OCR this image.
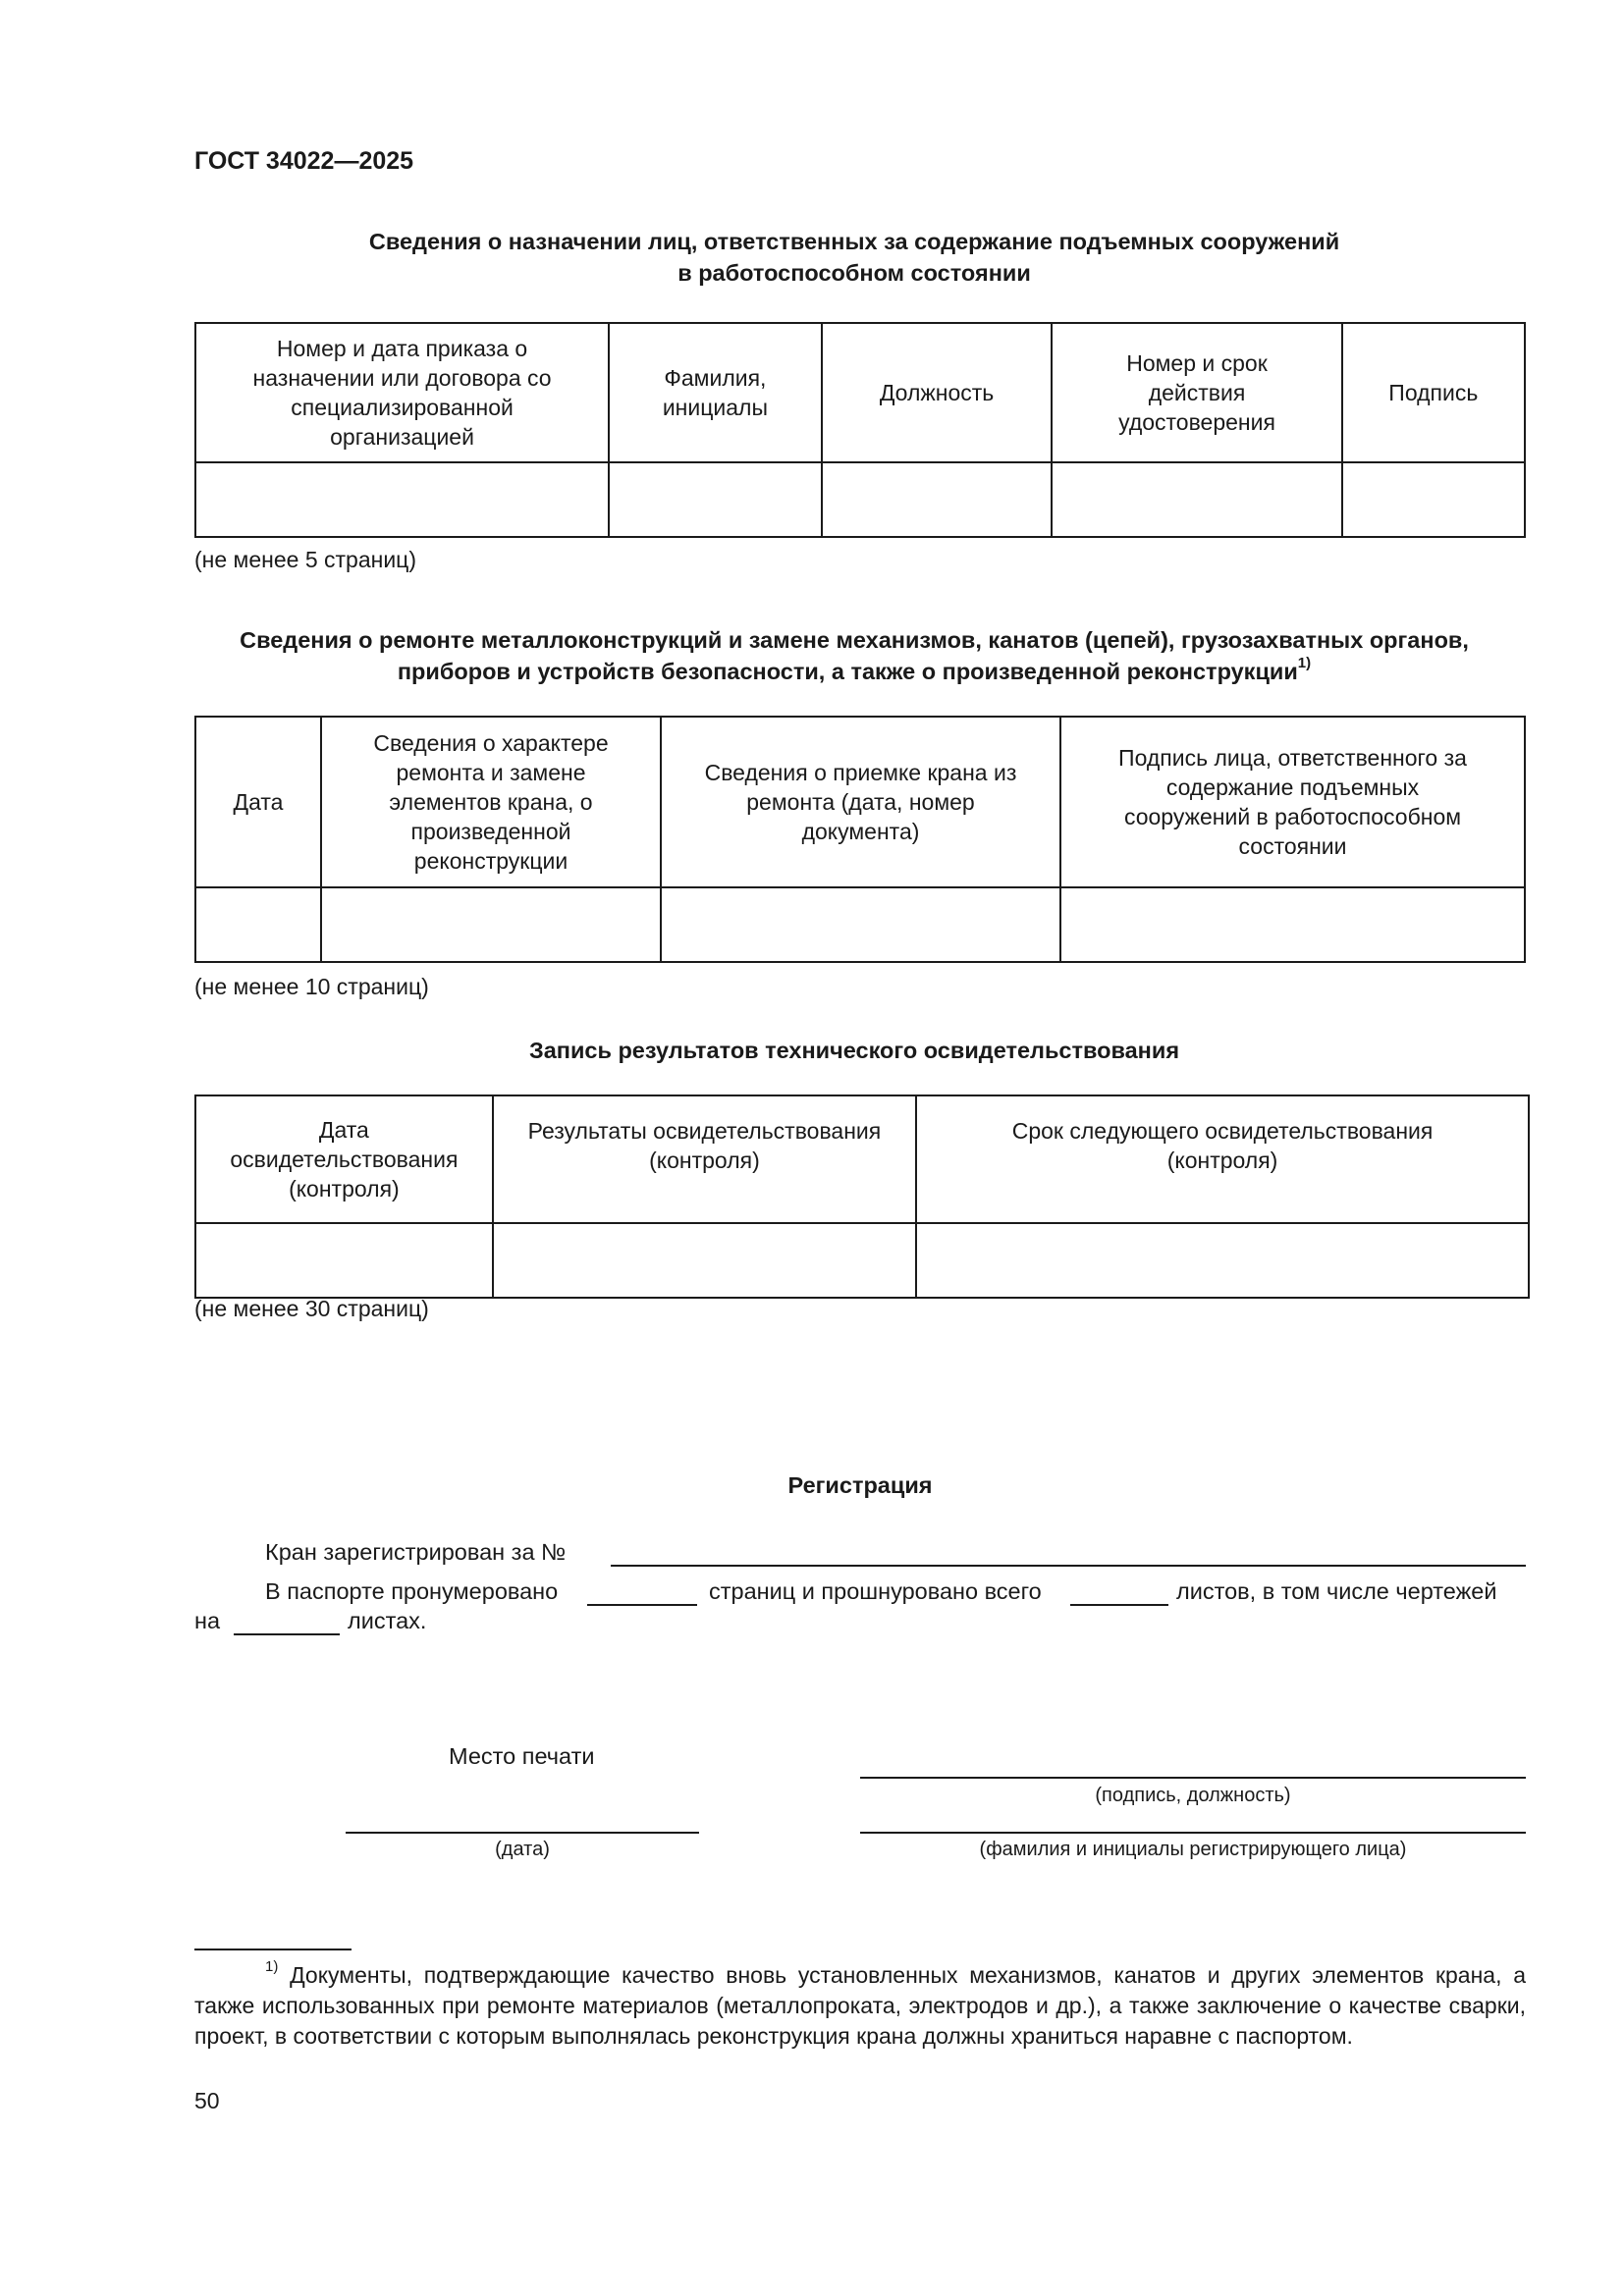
ГОСТ 34022—2025
Сведения о назначении лиц, ответственных за содержание подъемных сооружений
в работоспособном состоянии
Номер и дата приказа о назначении или договора со специализированной организацией	Фамилия, инициалы	Должность	Номер и срок действия удостоверения	Подпись

(не менее 5 страниц)
Сведения о ремонте металлоконструкций и замене механизмов, канатов (цепей), грузозахватных органов,
приборов и устройств безопасности, а также о произведенной реконструкции$^{1)}$
Дата	Сведения о характере ремонта и замене элементов крана, о произведенной реконструкции	Сведения о приемке крана из ремонта (дата, номер документа)	Подпись лица, ответственного за содержание подъемных сооружений в работоспособном состоянии

(не менее 10 страниц)
Запись результатов технического освидетельствования
Дата освидетельствования (контроля)	Результаты освидетельствования (контроля)	Срок следующего освидетельствования (контроля)

(не менее 30 страниц)
Регистрация
Кран зарегистрирован за №
В паспорте пронумеровано	страниц и прошнуровано всего	листов, в том числе чертежей
на	листах.
Место печати
(подпись, должность)
(дата)	(фамилия и инициалы регистрирующего лица)
$^{1)}$ Документы, подтверждающие качество вновь установленных механизмов, канатов и других элементов крана, а также использованных при ремонте материалов (металлопроката, электродов и др.), а также заключение о качестве сварки, проект, в соответствии с которым выполнялась реконструкция крана должны храниться наравне с паспортом.
50
